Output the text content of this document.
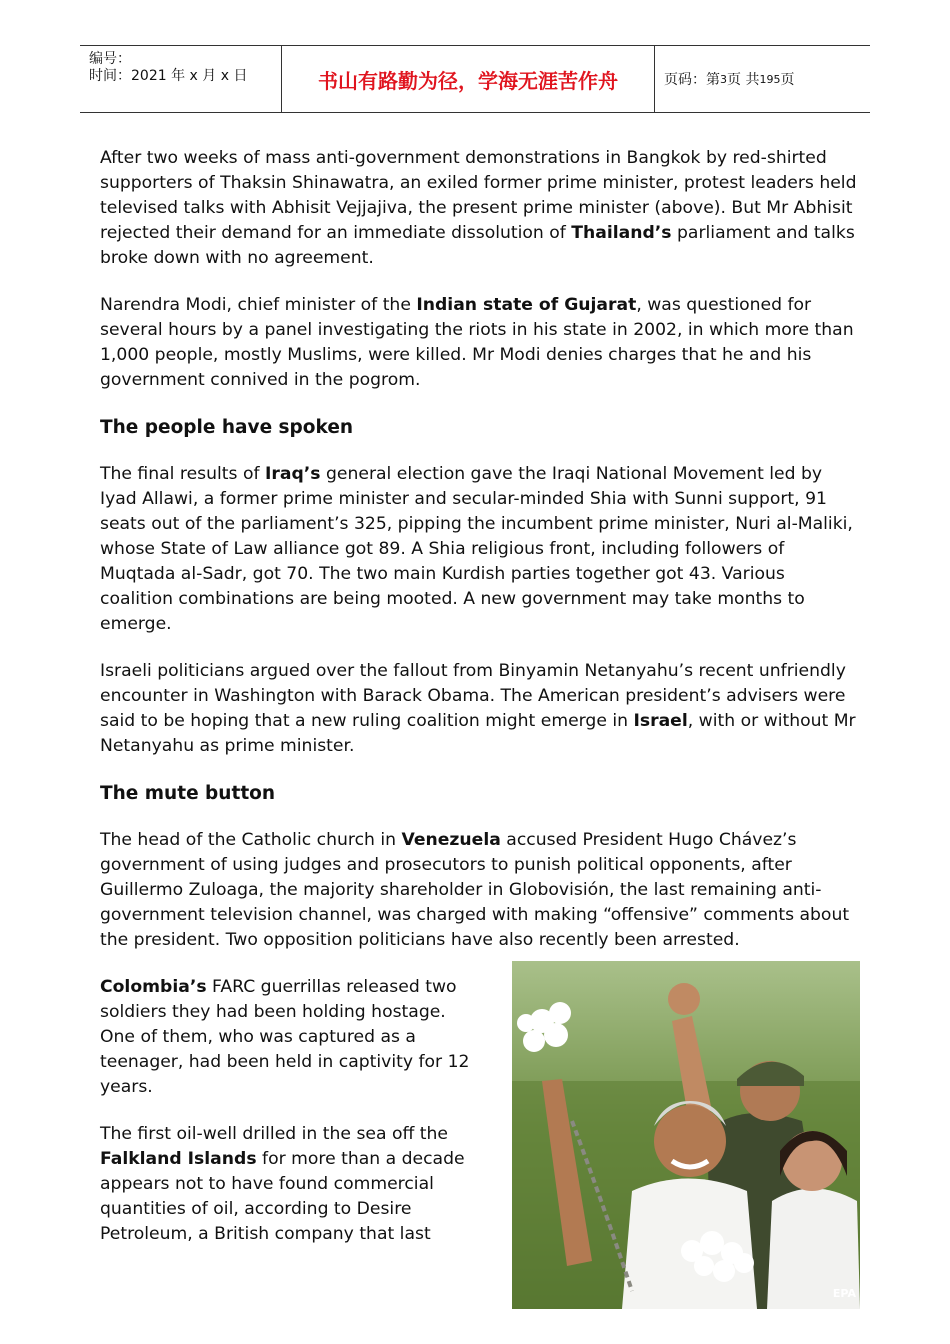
编号：
时间：2021 年 x 月 x 日	书山有路勤为径，学海无涯苦作舟	页码：第 3 页 共 195 页

After two weeks of mass anti-government demonstrations in Bangkok by red-shirted supporters of Thaksin Shinawatra, an exiled former prime minister, protest leaders held televised talks with Abhisit Vejjajiva, the present prime minister (above). But Mr Abhisit rejected their demand for an immediate dissolution of Thailand’s parliament and talks broke down with no agreement.

Narendra Modi, chief minister of the Indian state of Gujarat, was questioned for several hours by a panel investigating the riots in his state in 2002, in which more than 1,000 people, mostly Muslims, were killed. Mr Modi denies charges that he and his government connived in the pogrom.

The people have spoken

The final results of Iraq’s general election gave the Iraqi National Movement led by Iyad Allawi, a former prime minister and secular-minded Shia with Sunni support, 91 seats out of the parliament’s 325, pipping the incumbent prime minister, Nuri al-Maliki, whose State of Law alliance got 89. A Shia religious front, including followers of Muqtada al-Sadr, got 70. The two main Kurdish parties together got 43. Various coalition combinations are being mooted. A new government may take months to emerge.

Israeli politicians argued over the fallout from Binyamin Netanyahu’s recent unfriendly encounter in Washington with Barack Obama. The American president’s advisers were said to be hoping that a new ruling coalition might emerge in Israel, with or without Mr Netanyahu as prime minister.

The mute button

The head of the Catholic church in Venezuela accused President Hugo Chávez’s government of using judges and prosecutors to punish political opponents, after Guillermo Zuloaga, the majority shareholder in Globovisión, the last remaining anti-government television channel, was charged with making “offensive” comments about the president. Two opposition politicians have also recently been arrested.

Colombia’s FARC guerrillas released two soldiers they had been holding hostage. One of them, who was captured as a teenager, had been held in captivity for 12 years.

The first oil-well drilled in the sea off the Falkland Islands for more than a decade appears not to have found commercial quantities of oil, according to Desire Petroleum, a British company that last

EPA
